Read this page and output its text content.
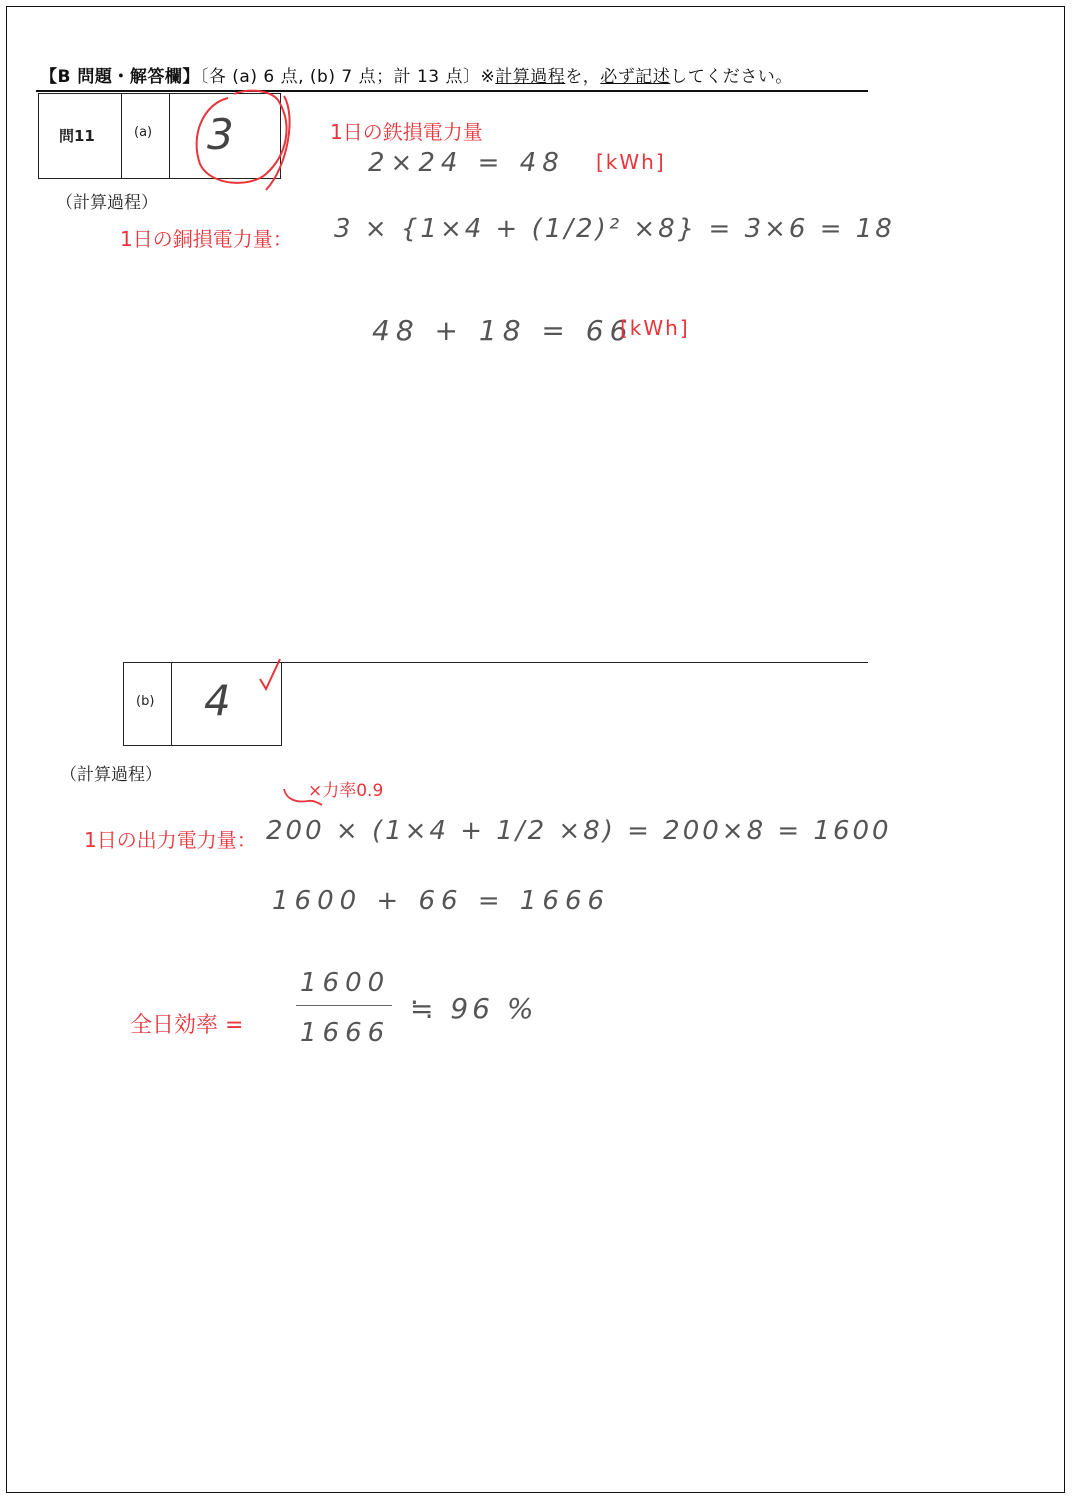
【B 問題・解答欄】〔各 (a) 6 点, (b) 7 点；計 13 点〕※計算過程を，必ず記述してください。
問11	(a) 3
（計算過程）
1日の鉄損電力量
2×24 = 48 [kWh]
1日の銅損電力量： 3 × {1×4 + (1/2)² ×8} = 3×6 = 18
48 + 18 = 66
[kWh]
(b) 4
（計算過程）
×力率0.9
1日の出力電力量： 200 × (1×4 + 1/2 ×8) = 200×8 = 1600
1600 + 66 = 1666
全日効率 =
1600
1666
≒ 96 %
